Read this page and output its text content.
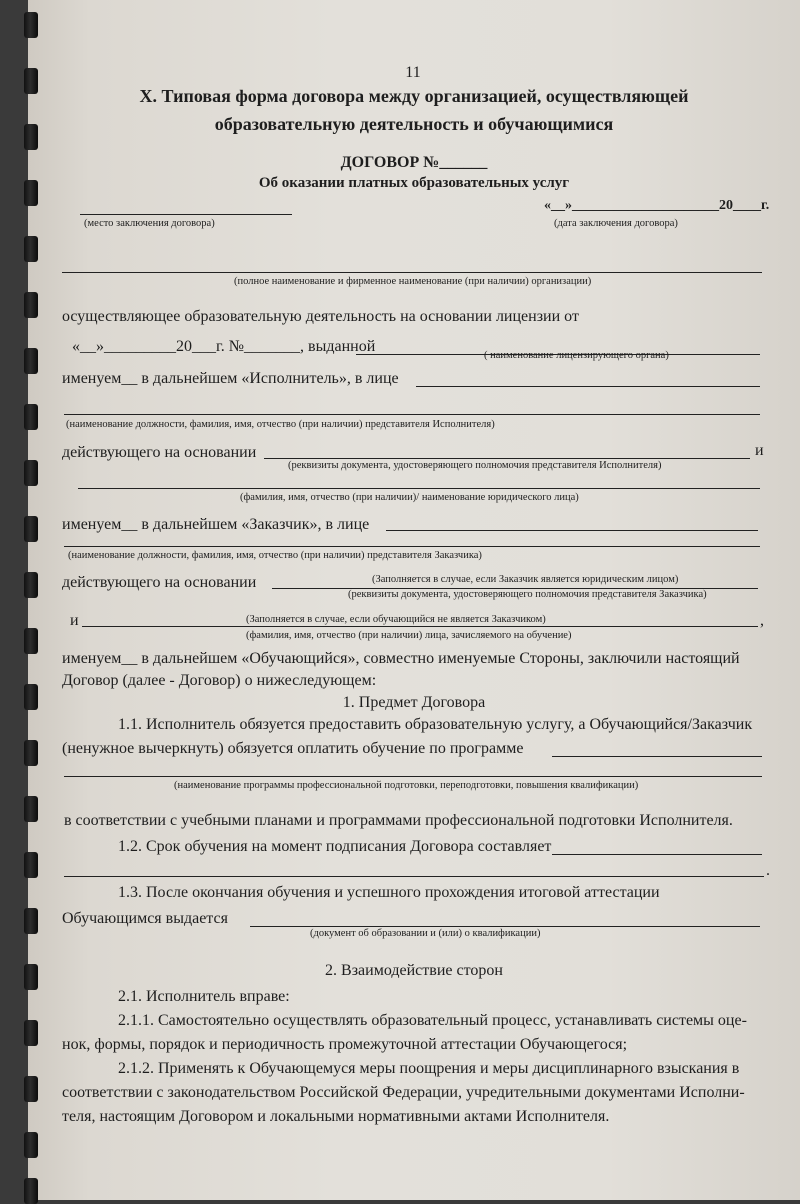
11
X. Типовая форма договора между организацией, осуществляющей
образовательную деятельность и обучающимися
ДОГОВОР №______
Об оказании платных образовательных услуг
(место заключения договора)
«__»_____________________20____г.
(дата заключения договора)
(полное наименование и фирменное наименование (при наличии) организации)
осуществляющее образовательную деятельность на основании лицензии от
«__»_________20___г. №_______, выданной
( наименование лицензирующего органа)
именуем__ в дальнейшем «Исполнитель», в лице
(наименование должности, фамилия, имя, отчество (при наличии) представителя Исполнителя)
действующего на основании	и
(реквизиты документа, удостоверяющего полномочия представителя Исполнителя)
(фамилия, имя, отчество (при наличии)/ наименование юридического лица)
именуем__ в дальнейшем «Заказчик», в лице
(наименование должности, фамилия, имя, отчество (при наличии) представителя Заказчика)
действующего на основании	(Заполняется в случае, если Заказчик является юридическим лицом)
(реквизиты документа, удостоверяющего полномочия представителя Заказчика)
и	,
(Заполняется в случае, если обучающийся не является Заказчиком)
(фамилия, имя, отчество (при наличии) лица, зачисляемого на обучение)
именуем__ в дальнейшем «Обучающийся», совместно именуемые Стороны, заключили настоящий
Договор (далее - Договор) о нижеследующем:
1. Предмет Договора
1.1. Исполнитель обязуется предоставить образовательную услугу, а Обучающийся/Заказчик
(ненужное вычеркнуть) обязуется оплатить обучение по программе
(наименование программы профессиональной подготовки, переподготовки, повышения квалификации)
в соответствии с учебными планами и программами профессиональной подготовки Исполнителя.
1.2. Срок обучения на момент подписания Договора составляет
.
1.3. После окончания обучения и успешного прохождения итоговой аттестации
Обучающимся выдается
(документ об образовании и (или) о квалификации)
2. Взаимодействие сторон
2.1. Исполнитель вправе:
2.1.1. Самостоятельно осуществлять образовательный процесс, устанавливать системы оце-
нок, формы, порядок и периодичность промежуточной аттестации Обучающегося;
2.1.2. Применять к Обучающемуся меры поощрения и меры дисциплинарного взыскания в
соответствии с законодательством Российской Федерации, учредительными документами Исполни-
теля, настоящим Договором и локальными нормативными актами Исполнителя.
